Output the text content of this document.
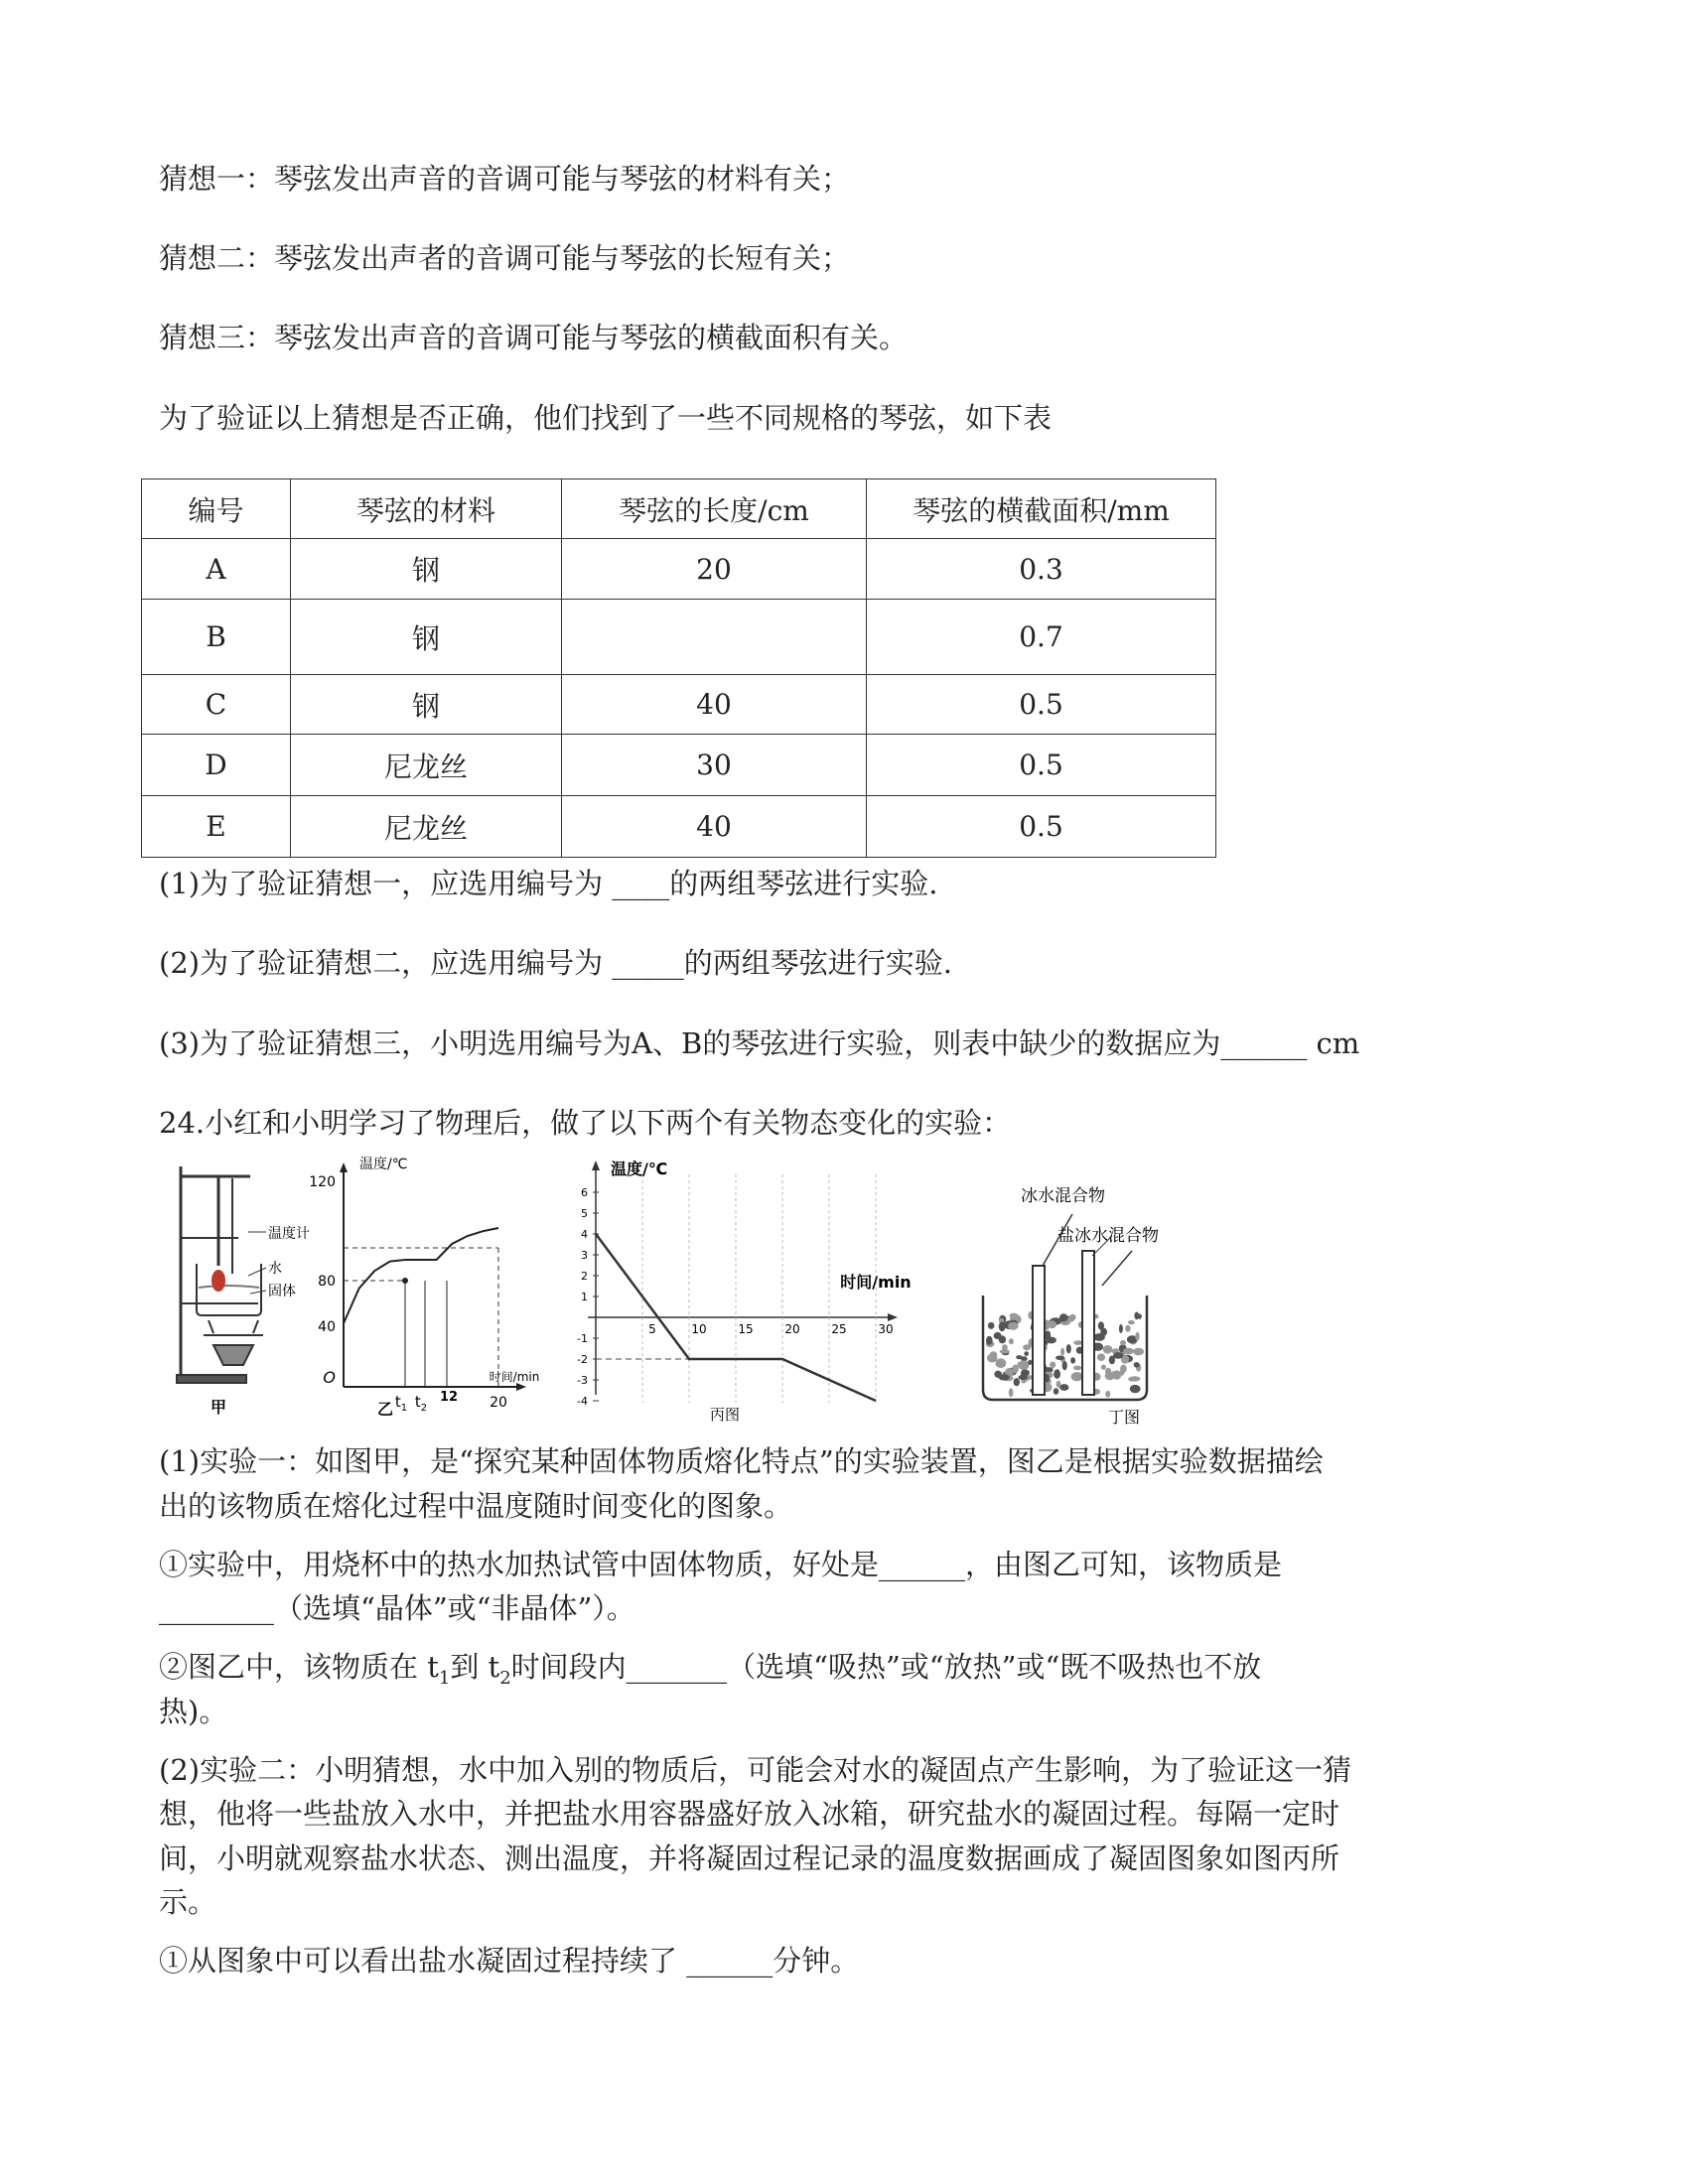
猜想一：琴弦发出声音的音调可能与琴弦的材料有关；
猜想二：琴弦发出声者的音调可能与琴弦的长短有关；
猜想三：琴弦发出声音的音调可能与琴弦的横截面积有关。
为了验证以上猜想是否正确，他们找到了一些不同规格的琴弦，如下表
编号	琴弦的材料	琴弦的长度/cm	琴弦的横截面积/mm
A	钢	20	0.3
B	钢		0.7
C	钢	40	0.5
D	尼龙丝	30	0.5
E	尼龙丝	40	0.5
(1)为了验证猜想一，应选用编号为 ____的两组琴弦进行实验.
(2)为了验证猜想二，应选用编号为 _____的两组琴弦进行实验.
(3)为了验证猜想三，小明选用编号为A、B的琴弦进行实验，则表中缺少的数据应为______ cm
24.小红和小明学习了物理后，做了以下两个有关物态变化的实验：
温度计
水
固体
甲
温度/℃
120
80
40
O	时间/min
$t_1$ $t_2$
12 20
乙
6
5
4
3
2
1
-1
-2
-3
-4
5	10	15	20	25	30
温度/℃
时间/min
丙图
冰水混合物
盐冰水混合物
丁图
(1)实验一：如图甲，是“探究某种固体物质熔化特点”的实验装置，图乙是根据实验数据描绘
出的该物质在熔化过程中温度随时间变化的图象。
①实验中，用烧杯中的热水加热试管中固体物质，好处是______，由图乙可知，该物质是
________（选填“晶体”或“非晶体”）。
②图乙中，该物质在 $t_1$到 $t_2$时间段内_______（选填“吸热”或“放热”或“既不吸热也不放
热)。
(2)实验二：小明猜想，水中加入别的物质后，可能会对水的凝固点产生影响，为了验证这一猜
想，他将一些盐放入水中，并把盐水用容器盛好放入冰箱，研究盐水的凝固过程。每隔一定时
间，小明就观察盐水状态、测出温度，并将凝固过程记录的温度数据画成了凝固图象如图丙所
示。
①从图象中可以看出盐水凝固过程持续了 ______分钟。
